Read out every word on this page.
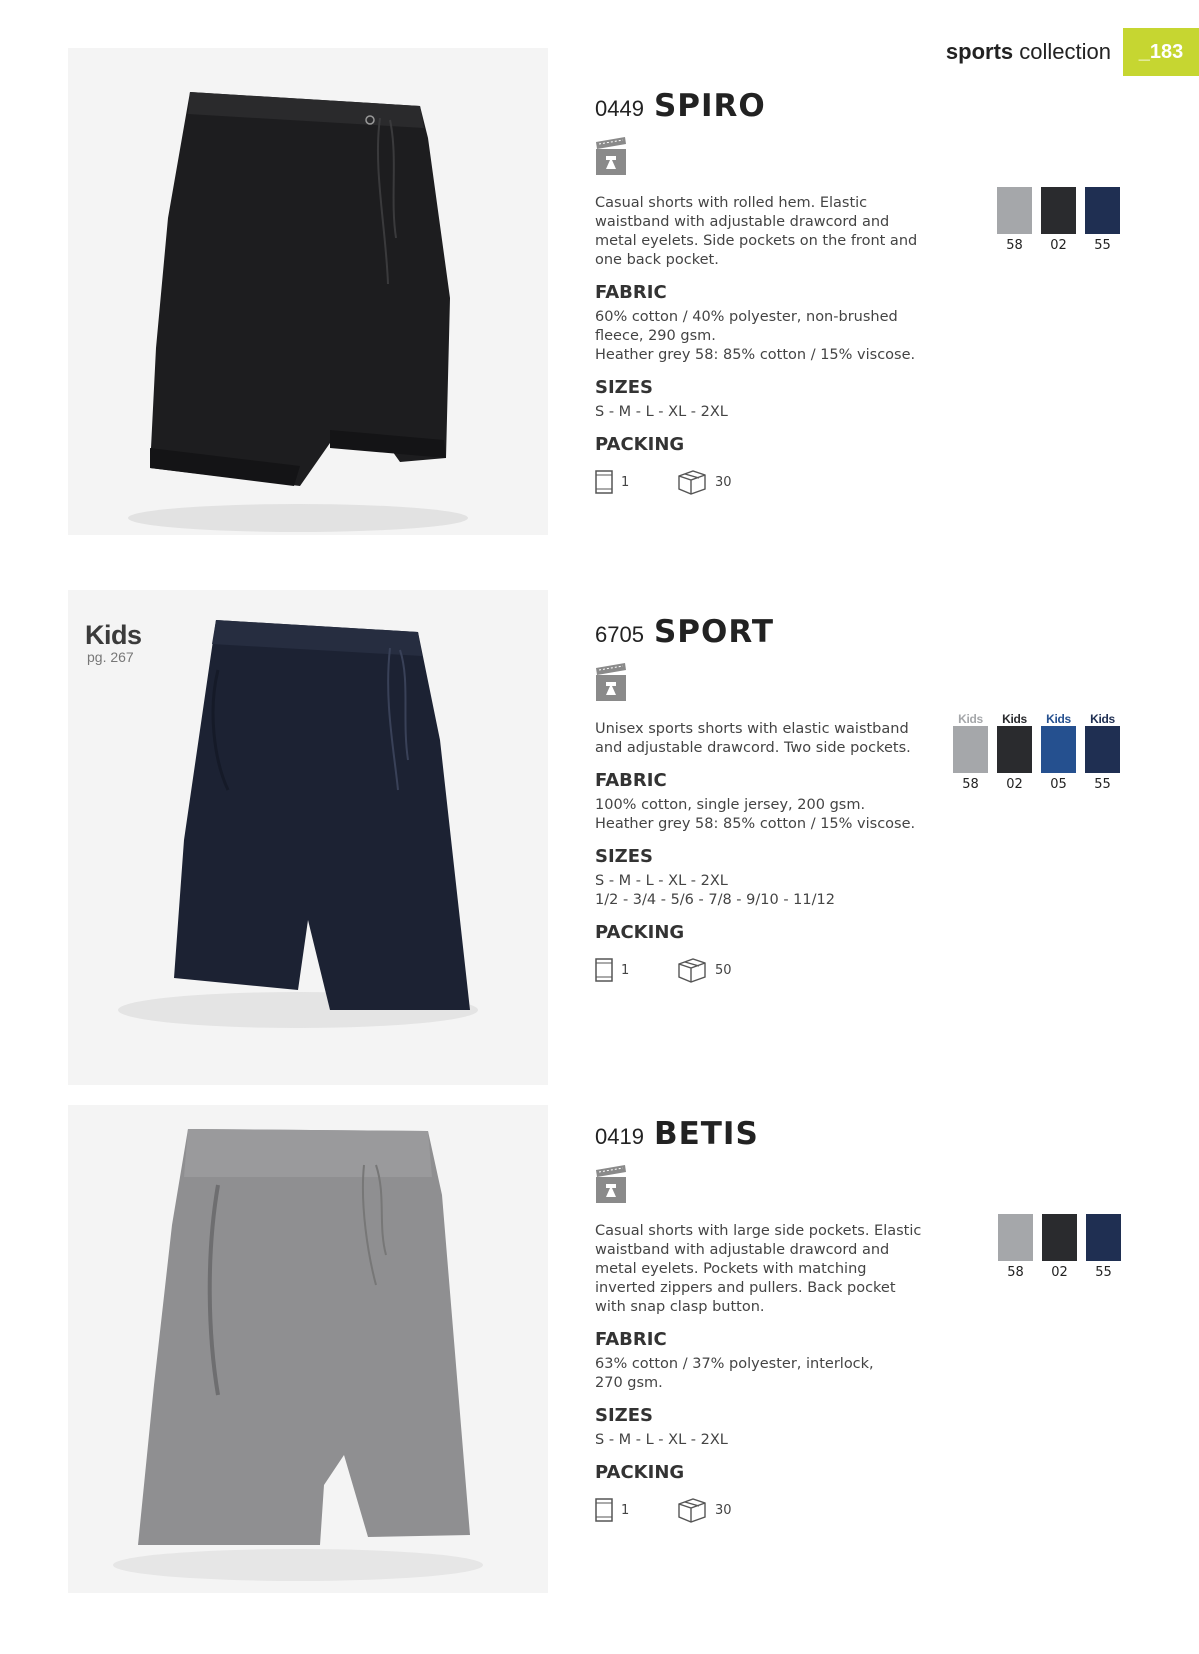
sports collection	_183
Kids
pg. 267
0449 SPIRO
Casual shorts with rolled hem. Elastic waistband with adjustable drawcord and metal eyelets. Side pockets on the front and one back pocket.
FABRIC
60% cotton / 40% polyester, non-brushed fleece, 290 gsm.
Heather grey 58: 85% cotton / 15% viscose.
SIZES
S - M - L - XL - 2XL
PACKING
1	30
58	02	55
6705 SPORT
Unisex sports shorts with elastic waistband and adjustable drawcord. Two side pockets.
FABRIC
100% cotton, single jersey, 200 gsm.
Heather grey 58: 85% cotton / 15% viscose.
SIZES
S - M - L - XL - 2XL
1/2 - 3/4 - 5/6 - 7/8 - 9/10 - 11/12
PACKING
1	50
Kids
58
Kids
02
Kids
05
Kids
55
0419 BETIS
Casual shorts with large side pockets. Elastic waistband with adjustable drawcord and metal eyelets. Pockets with matching inverted zippers and pullers. Back pocket with snap clasp button.
FABRIC
63% cotton / 37% polyester, interlock,
270 gsm.
SIZES
S - M - L - XL - 2XL
PACKING
1	30
58	02	55
